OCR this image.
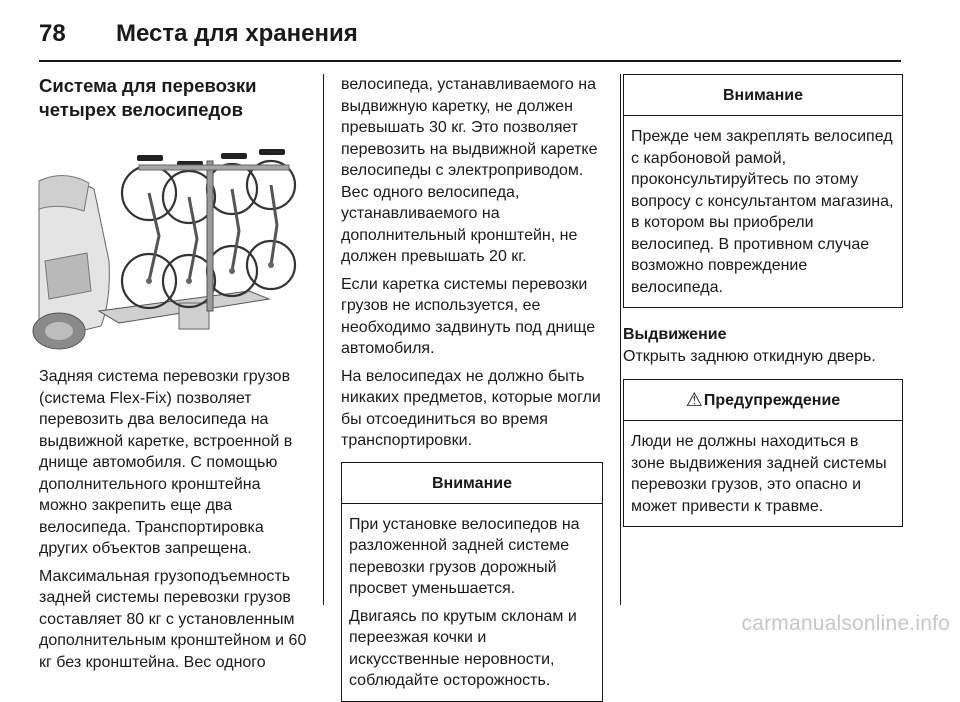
78 Места для хранения
Система для перевозки
четырех велосипедов

Задняя система перевозки грузов (система Flex-Fix) позволяет перевозить два велосипеда на выдвижной каретке, встроенной в днище автомобиля. С помощью дополнительного кронштейна можно закрепить еще два велосипеда. Транспортировка других объектов запрещена.

Максимальная грузоподъемность задней системы перевозки грузов составляет 80 кг с установленным дополнительным кронштейном и 60 кг без кронштейна. Вес одного

велосипеда, устанавливаемого на выдвижную каретку, не должен превышать 30 кг. Это позволяет перевозить на выдвижной каретке велосипеды с электроприводом. Вес одного велосипеда, устанавливаемого на дополнительный кронштейн, не должен превышать 20 кг.

Если каретка системы перевозки грузов не используется, ее необходимо задвинуть под днище автомобиля.

На велосипедах не должно быть никаких предметов, которые могли бы отсоединиться во время транспортировки.

Внимание

При установке велосипедов на разложенной задней системе перевозки грузов дорожный просвет уменьшается.

Двигаясь по крутым склонам и переезжая кочки и искусственные неровности, соблюдайте осторожность.

Внимание

Прежде чем закреплять велосипед с карбоновой рамой, проконсультируйтесь по этому вопросу с консультантом магазина, в котором вы приобрели велосипед. В противном случае возможно повреждение велосипеда.

Выдвижение

Открыть заднюю откидную дверь.

⚠Предупреждение

Люди не должны находиться в зоне выдвижения задней системы перевозки грузов, это опасно и может привести к травме.

carmanualsonline.info
